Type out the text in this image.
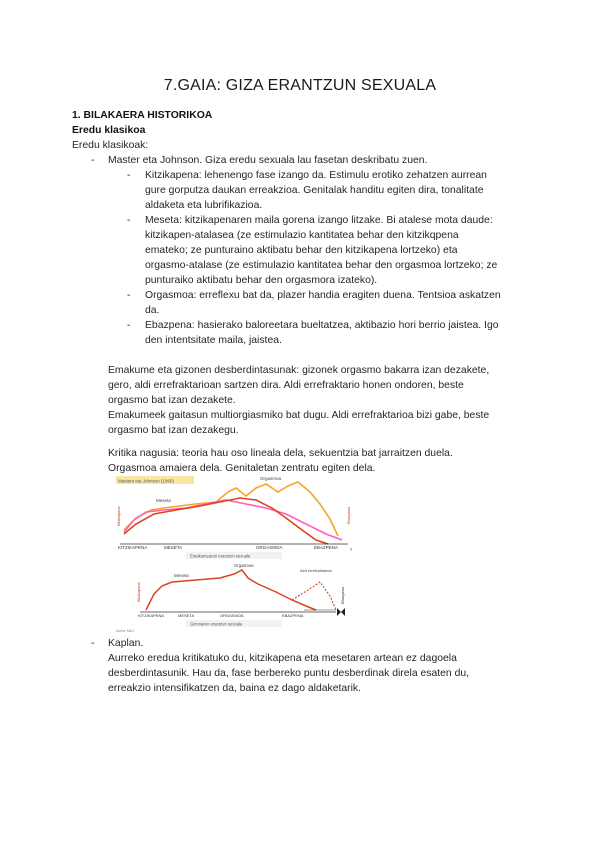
7.GAIA: GIZA ERANTZUN SEXUALA
1. BILAKAERA HISTORIKOA
Eredu klasikoa
Eredu klasikoak:
- Master eta Johnson. Giza eredu sexuala lau fasetan deskribatu zuen.
- Kitzikapena: lehenengo fase izango da. Estimulu erotiko zehatzen aurrean
gure gorputza daukan erreakzioa. Genitalak handitu egiten dira, tonalitate
aldaketa eta lubrifikazioa.
- Meseta: kitzikapenaren maila gorena izango litzake. Bi atalese mota daude:
kitzikapen-atalasea (ze estimulazio kantitatea behar den kitzikqpena
emateko; ze punturaino aktibatu behar den kitzikapena lortzeko) eta
orgasmo-atalase (ze estimulazio kantitatea behar den orgasmoa lortzeko; ze
punturaiko aktibatu behar den orgasmora izateko).
- Orgasmoa: erreflexu bat da, plazer handia eragiten duena. Tentsioa askatzen
da.
- Ebazpena: hasierako baloreetara bueltatzea, aktibazio hori berrio jaistea. Igo
den intentsitate maila, jaistea.
Emakume eta gizonen desberdintasunak: gizonek orgasmo bakarra izan dezakete,
gero, aldi errefraktarioan sartzen dira. Aldi errefraktario honen ondoren, beste
orgasmo bat izan dezakete.
Emakumeek gaitasun multiorgiasmiko bat dugu. Aldi errefraktarioa bizi gabe, beste
orgasmo bat izan dezakegu.
Kritika nagusia: teoria hau oso lineala dela, sekuentzia bat jarraitzen duela.
Orgasmoa amaiera dela. Genitaletan zentratu egiten dela.
Masters eta Johnson (1966)
Meseta
Orgasmoa
Kitzikapena	Ebazpena
KITZIKAPENA	MESETA	ORGASMOA	EBAZPENA ›
Emakumearen erantzun sexuala
Meseta
Orgasmoa
Aldi errefraktarioa
Kitzikapena	Ebazpena
KITZIKAPENA	MESETA	ORGASMOA	EBAZPENA
Gizonaren erantzun sexuala
Iturria: M&J
- Kaplan.
Aurreko eredua kritikatuko du, kitzikapena eta mesetaren artean ez dagoela
desberdintasunik. Hau da, fase berbereko puntu desberdinak direla esaten du,
erreakzio intensifikatzen da, baina ez dago aldaketarik.
